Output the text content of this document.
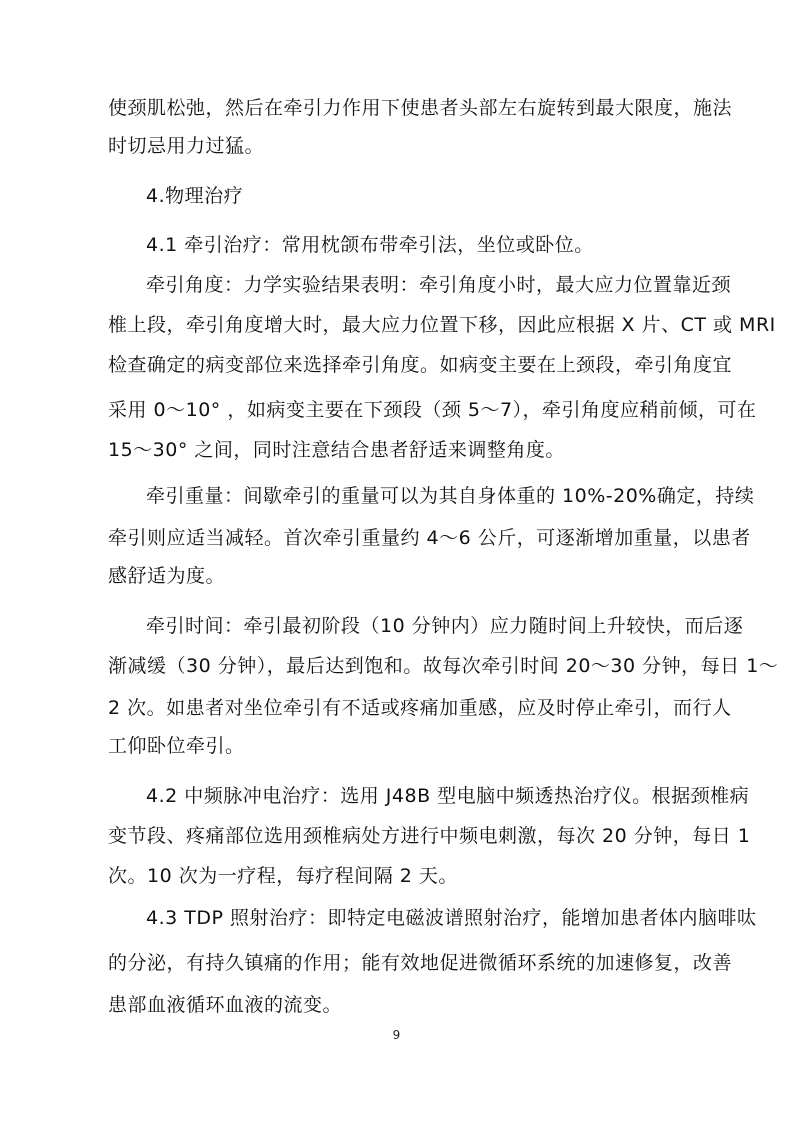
使颈肌松弛，然后在牵引力作用下使患者头部左右旋转到最大限度，施法
时切忌用力过猛。
4.物理治疗
4.1 牵引治疗：常用枕颌布带牵引法，坐位或卧位。
牵引角度：力学实验结果表明：牵引角度小时，最大应力位置靠近颈
椎上段，牵引角度增大时，最大应力位置下移，因此应根据 X 片、CT 或 MRI
检查确定的病变部位来选择牵引角度。如病变主要在上颈段，牵引角度宜
采用 0～10° ，如病变主要在下颈段（颈 5～7），牵引角度应稍前倾，可在
15～30° 之间，同时注意结合患者舒适来调整角度。
牵引重量：间歇牵引的重量可以为其自身体重的 10%-20%确定，持续
牵引则应适当减轻。首次牵引重量约 4～6 公斤，可逐渐增加重量，以患者
感舒适为度。
牵引时间：牵引最初阶段（10 分钟内）应力随时间上升较快，而后逐
渐减缓（30 分钟），最后达到饱和。故每次牵引时间 20～30 分钟，每日 1～
2 次。如患者对坐位牵引有不适或疼痛加重感，应及时停止牵引，而行人
工仰卧位牵引。
4.2 中频脉冲电治疗：选用 J48B 型电脑中频透热治疗仪。根据颈椎病
变节段、疼痛部位选用颈椎病处方进行中频电刺激，每次 20 分钟，每日 1
次。10 次为一疗程，每疗程间隔 2 天。
4.3 TDP 照射治疗：即特定电磁波谱照射治疗，能增加患者体内脑啡呔
的分泌，有持久镇痛的作用；能有效地促进微循环系统的加速修复，改善
患部血液循环血液的流变。
9
